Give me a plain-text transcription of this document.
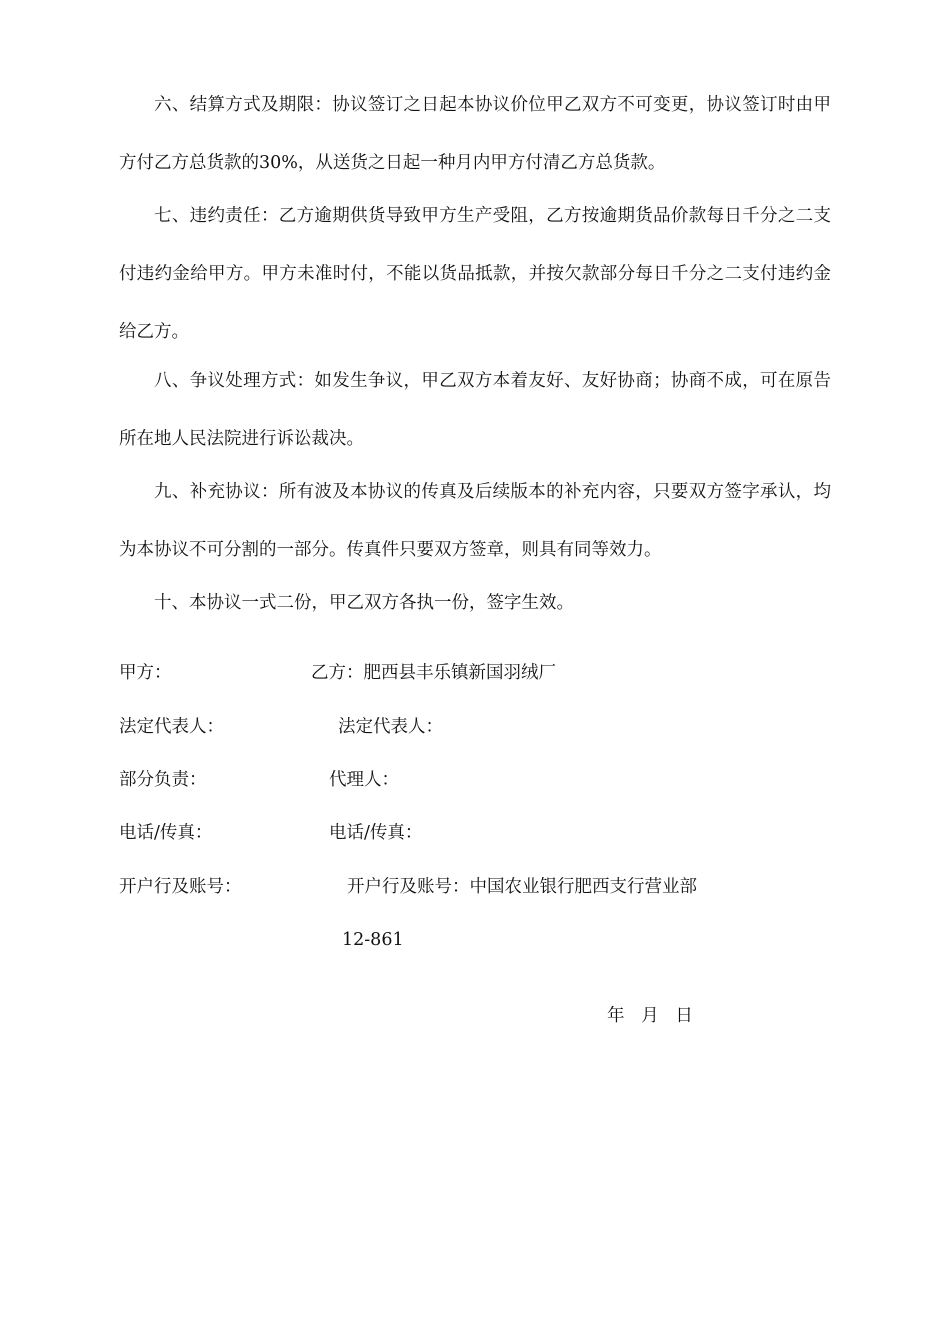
六、结算方式及期限：协议签订之日起本协议价位甲乙双方不可变更，协议签订时由甲方付乙方总货款的30%，从送货之日起一种月内甲方付清乙方总货款。

七、违约责任：乙方逾期供货导致甲方生产受阻，乙方按逾期货品价款每日千分之二支付违约金给甲方。甲方未准时付，不能以货品抵款，并按欠款部分每日千分之二支付违约金给乙方。

八、争议处理方式：如发生争议，甲乙双方本着友好、友好协商；协商不成，可在原告所在地人民法院进行诉讼裁决。

九、补充协议：所有波及本协议的传真及后续版本的补充内容，只要双方签字承认，均为本协议不可分割的一部分。传真件只要双方签章，则具有同等效力。

十、本协议一式二份，甲乙双方各执一份，签字生效。

甲方：

法定代表人：

部分负责：

电话/传真：

开户行及账号：

乙方：肥西县丰乐镇新国羽绒厂

法定代表人：

代理人：

电话/传真：

开户行及账号：中国农业银行肥西支行营业部

12-861

年   月   日
